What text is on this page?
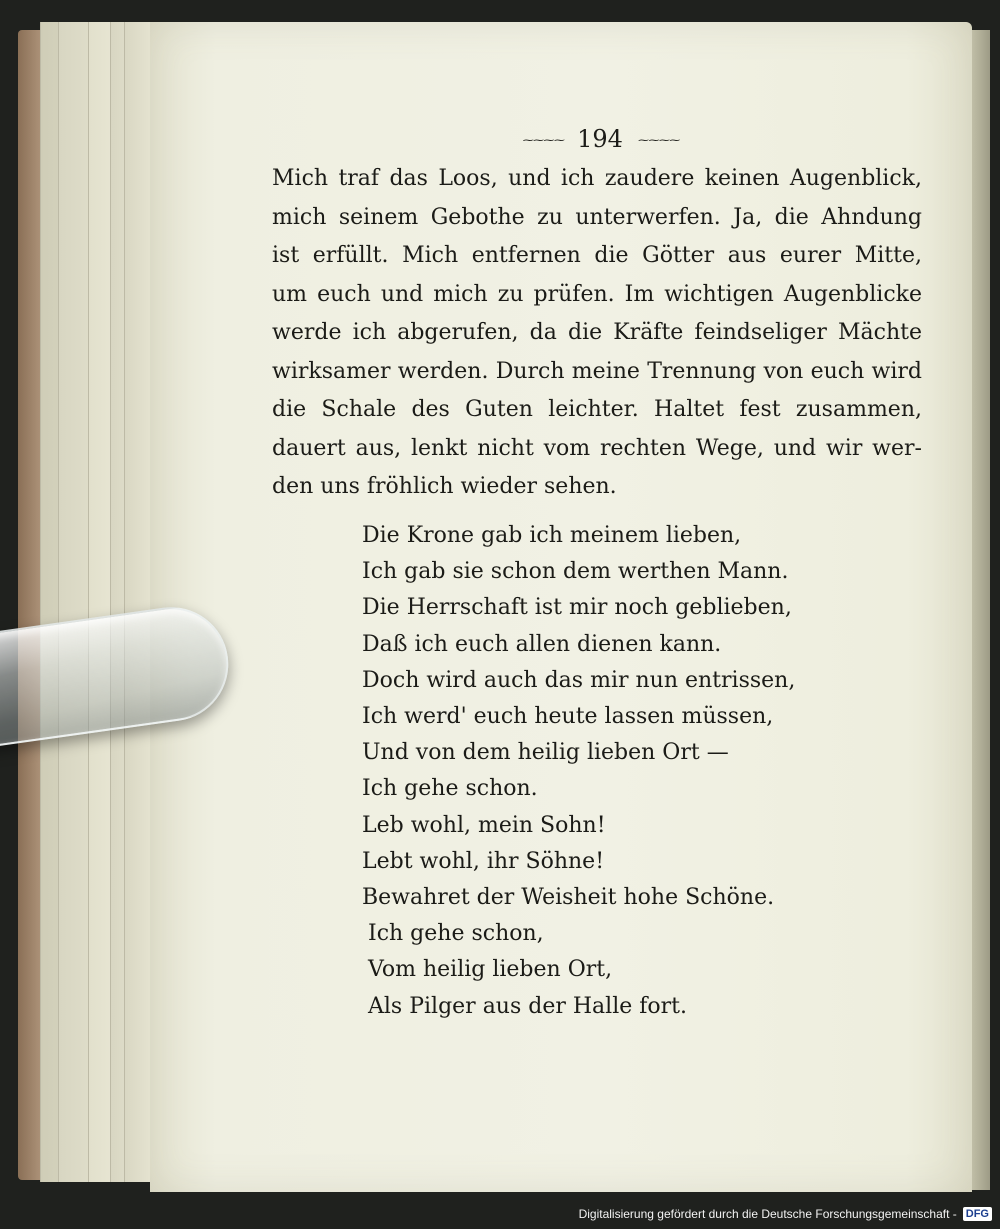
~~~~ 194 ~~~~
Mich traf das Loos, und ich zaudere keinen Augenblick,
mich seinem Gebothe zu unterwerfen. Ja, die Ahndung
ist erfüllt. Mich entfernen die Götter aus eurer Mitte,
um euch und mich zu prüfen. Im wichtigen Augenblicke
werde ich abgerufen, da die Kräfte feindseliger Mächte
wirksamer werden. Durch meine Trennung von euch wird
die Schale des Guten leichter. Haltet fest zusammen,
dauert aus, lenkt nicht vom rechten Wege, und wir wer-
den uns fröhlich wieder sehen.
Die Krone gab ich meinem lieben,
Ich gab sie schon dem werthen Mann.
Die Herrschaft ist mir noch geblieben,
Daß ich euch allen dienen kann.
Doch wird auch das mir nun entrissen,
Ich werd' euch heute lassen müssen,
Und von dem heilig lieben Ort —
Ich gehe schon.
Leb wohl, mein Sohn!
Lebt wohl, ihr Söhne!
Bewahret der Weisheit hohe Schöne.
Ich gehe schon,
Vom heilig lieben Ort,
Als Pilger aus der Halle fort.
Digitalisierung gefördert durch die Deutsche Forschungsgemeinschaft - DFG
